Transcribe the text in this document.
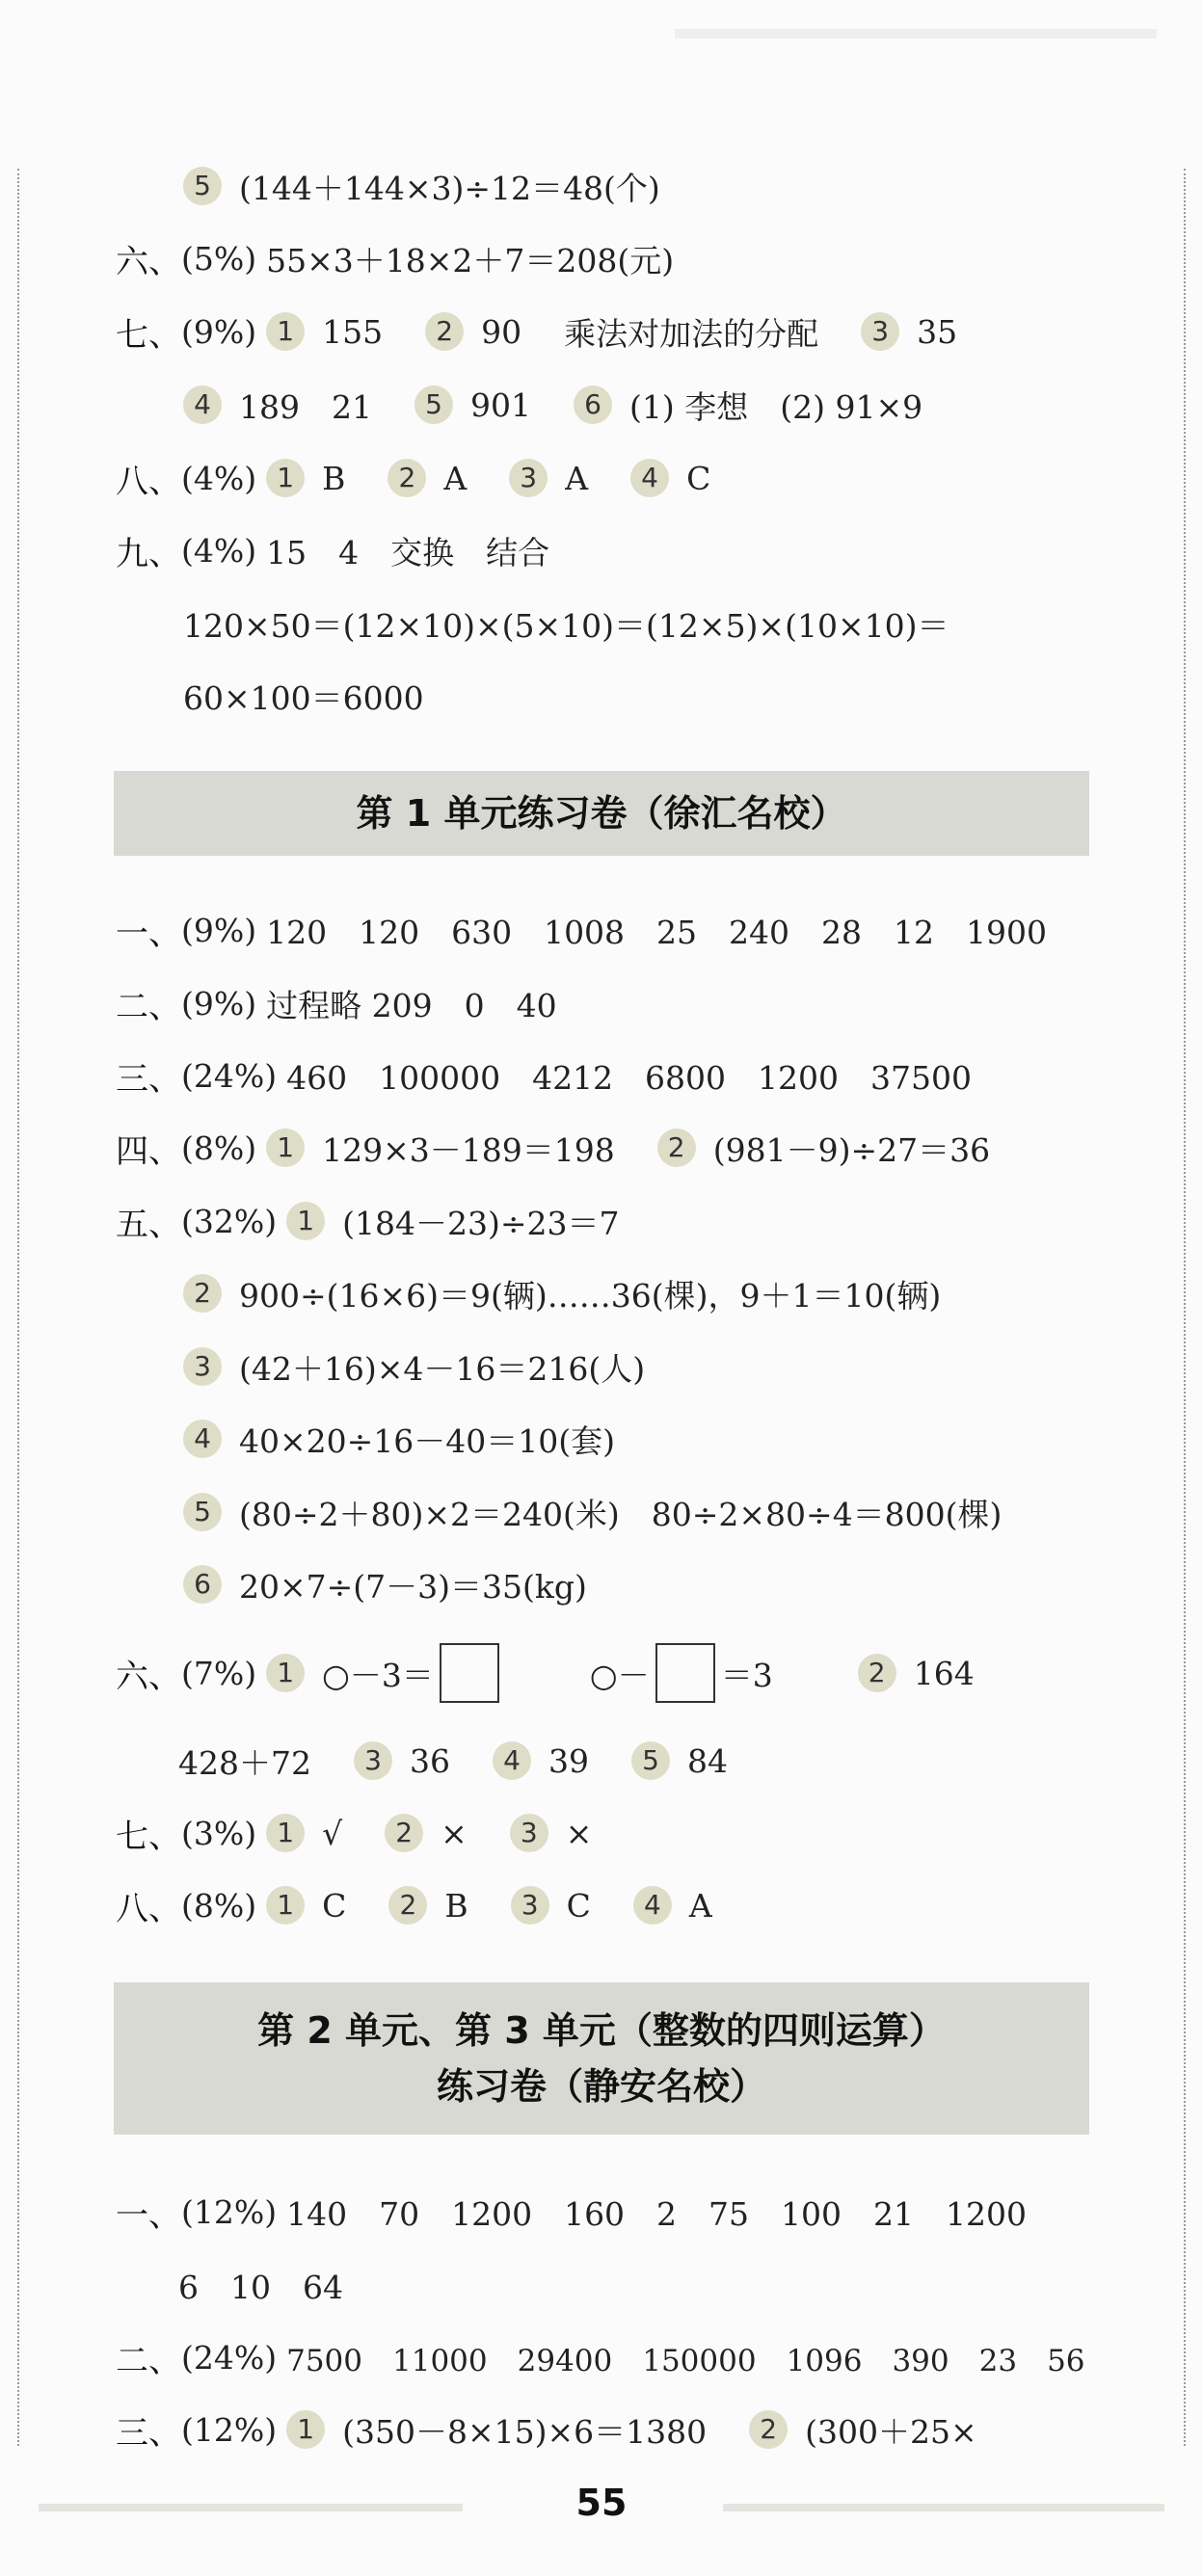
5 (144＋144×3)÷12＝48(个)
六、 (5%) 55×3＋18×2＋7＝208(元)
七、 (9%) 1 155	2 90 乘法对加法的分配	3 35
4 189　21	5 901	6 (1) 李想　(2) 91×9
八、 (4%) 1 B	2 A	3 A	4 C
九、 (4%) 15　4　交换　结合
120×50＝(12×10)×(5×10)＝(12×5)×(10×10)＝
60×100＝6000
第 1 单元练习卷（徐汇名校）
一、 (9%) 120　120　630　1008　25　240　28　12　1900
二、 (9%) 过程略 209　0　40
三、 (24%) 460　100000　4212　6800　1200　37500
四、 (8%) 1 129×3－189＝198	2 (981－9)÷27＝36
五、 (32%) 1 (184－23)÷23＝7
2 900÷(16×6)＝9(辆)……36(棵)，9＋1＝10(辆)
3 (42＋16)×4－16＝216(人)
4 40×20÷16－40＝10(套)
5 (80÷2＋80)×2＝240(米)　80÷2×80÷4＝800(棵)
6 20×7÷(7－3)＝35(kg)
六、 (7%) 1 ○－3＝	○－ ＝3	2 164
428＋72	3 36	4 39	5 84
七、 (3%) 1 √	2 ×	3 ×
八、 (8%) 1 C	2 B	3 C	4 A
第 2 单元、第 3 单元（整数的四则运算）
练习卷（静安名校）
一、 (12%) 140　70　1200　160　2　75　100　21　1200
6　10　64
二、 (24%) 7500　11000　29400　150000　1096　390　23　56
三、 (12%) 1 (350－8×15)×6＝1380	2 (300＋25×
55
